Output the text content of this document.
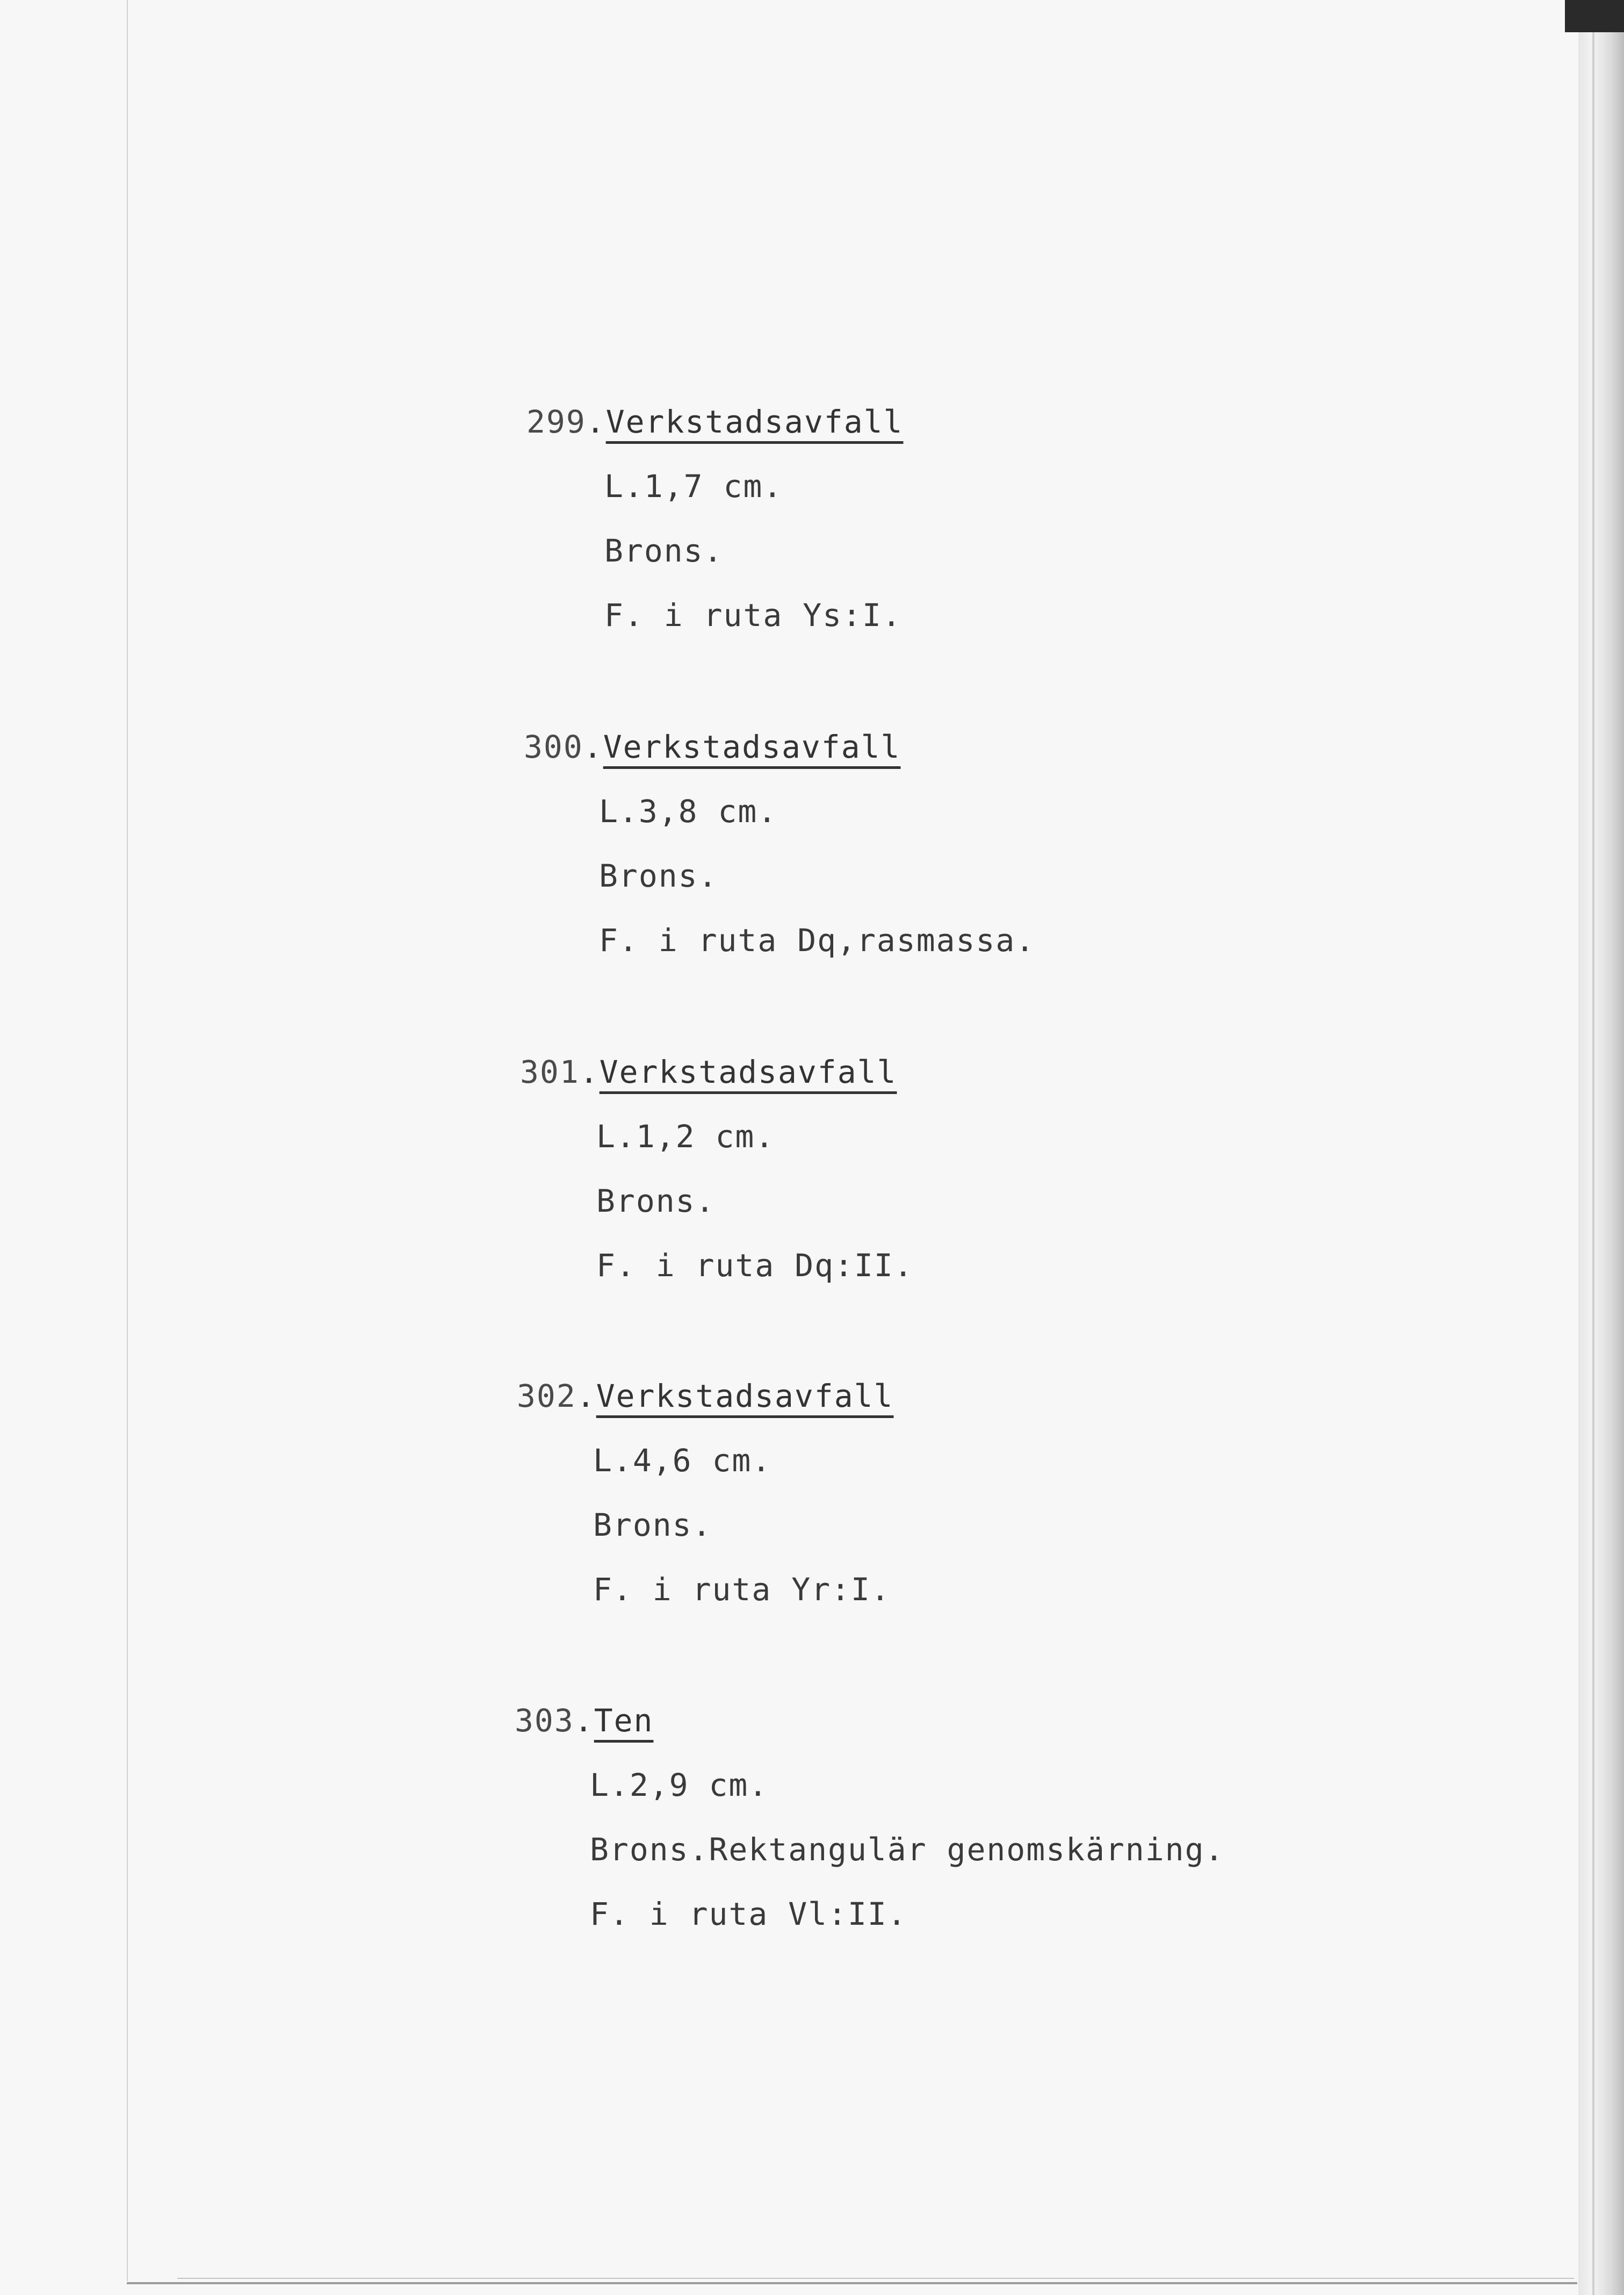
299 . Verkstadsavfall
L.1,7 cm.
Brons.
F. i ruta Ys:I.
300 . Verkstadsavfall
L.3,8 cm.
Brons.
F. i ruta Dq,rasmassa.
301 . Verkstadsavfall
L.1,2 cm.
Brons.
F. i ruta Dq:II.
302 . Verkstadsavfall
L.4,6 cm.
Brons.
F. i ruta Yr:I.
303 . Ten
L.2,9 cm.
Brons.Rektangulär genomskärning.
F. i ruta Vl:II.
